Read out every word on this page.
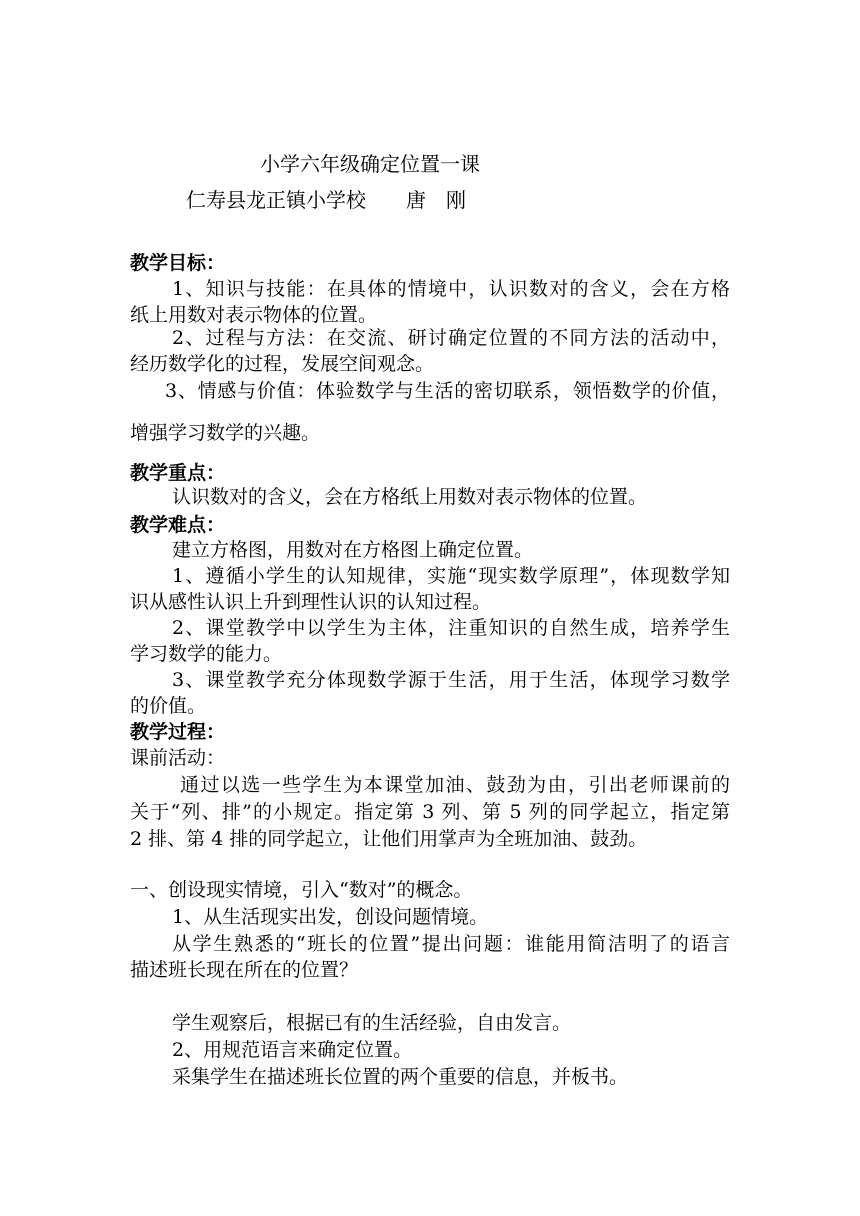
小学六年级确定位置一课
仁寿县龙正镇小学校　　唐　刚
教学目标：
1、知识与技能：在具体的情境中，认识数对的含义，会在方格
纸上用数对表示物体的位置。
2、过程与方法：在交流、研讨确定位置的不同方法的活动中，
经历数学化的过程，发展空间观念。
3、情感与价值：体验数学与生活的密切联系，领悟数学的价值，
增强学习数学的兴趣。
教学重点：
认识数对的含义，会在方格纸上用数对表示物体的位置。
教学难点：
建立方格图，用数对在方格图上确定位置。
1、遵循小学生的认知规律，实施“现实数学原理”，体现数学知
识从感性认识上升到理性认识的认知过程。
2、课堂教学中以学生为主体，注重知识的自然生成，培养学生
学习数学的能力。
3、课堂教学充分体现数学源于生活，用于生活，体现学习数学
的价值。
教学过程：
课前活动：
通过以选一些学生为本课堂加油、鼓劲为由，引出老师课前的
关于“列、排”的小规定。指定第 3 列、第 5 列的同学起立，指定第
2 排、第 4 排的同学起立，让他们用掌声为全班加油、鼓劲。
一、创设现实情境，引入“数对”的概念。
1、从生活现实出发，创设问题情境。
从学生熟悉的“班长的位置”提出问题：谁能用简洁明了的语言
描述班长现在所在的位置？
学生观察后，根据已有的生活经验，自由发言。
2、用规范语言来确定位置。
采集学生在描述班长位置的两个重要的信息，并板书。
